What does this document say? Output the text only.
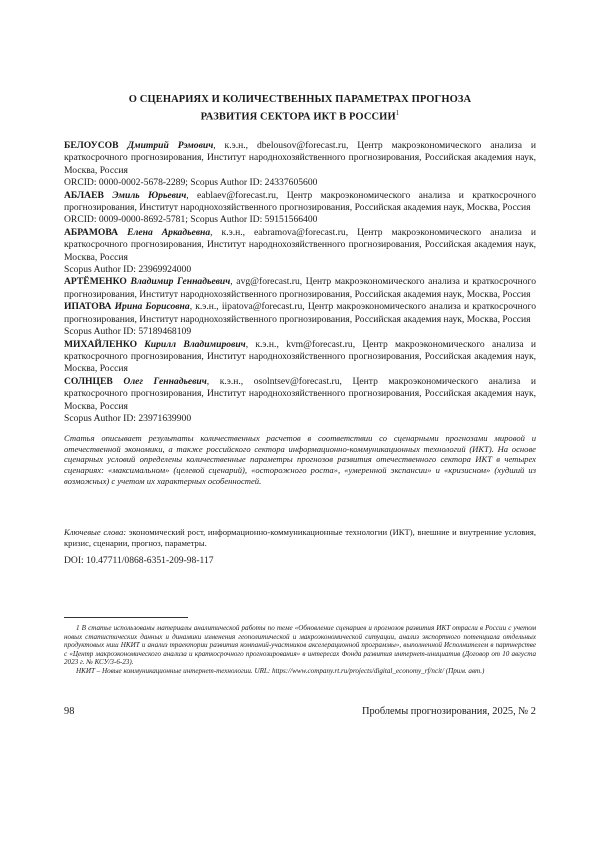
О СЦЕНАРИЯХ И КОЛИЧЕСТВЕННЫХ ПАРАМЕТРАХ ПРОГНОЗА
РАЗВИТИЯ СЕКТОРА ИКТ В РОССИИ$^1$
БЕЛОУСОВ Дмитрий Рэмович, к.э.н., dbelousov@forecast.ru, Центр макроэкономического анализа и краткосрочного прогнозирования, Институт народнохозяйственного прогнозирования, Российская академия наук, Москва, Россия
ORCID: 0000-0002-5678-2289; Scopus Author ID: 24337605600
АБЛАЕВ Эмиль Юрьевич, eablaev@forecast.ru, Центр макроэкономического анализа и краткосрочного прогнозирования, Институт народнохозяйственного прогнозирования, Российская академия наук, Москва, Россия
ORCID: 0009-0000-8692-5781; Scopus Author ID: 59151566400
АБРАМОВА Елена Аркадьевна, к.э.н., eabramova@forecast.ru, Центр макроэкономического анализа и краткосрочного прогнозирования, Институт народнохозяйственного прогнозирования, Российская академия наук, Москва, Россия
Scopus Author ID: 23969924000
АРТЁМЕНКО Владимир Геннадьевич, avg@forecast.ru, Центр макроэкономического анализа и краткосрочного прогнозирования, Институт народнохозяйственного прогнозирования, Российская академия наук, Москва, Россия
ИПАТОВА Ирина Борисовна, к.э.н., iipatova@forecast.ru, Центр макроэкономического анализа и краткосрочного прогнозирования, Институт народнохозяйственного прогнозирования, Российская академия наук, Москва, Россия
Scopus Author ID: 57189468109
МИХАЙЛЕНКО Кирилл Владимирович, к.э.н., kvm@forecast.ru, Центр макроэкономического анализа и краткосрочного прогнозирования, Институт народнохозяйственного прогнозирования, Российская академия наук, Москва, Россия
СОЛНЦЕВ Олег Геннадьевич, к.э.н., osolntsev@forecast.ru, Центр макроэкономического анализа и краткосрочного прогнозирования, Институт народнохозяйственного прогнозирования, Российская академия наук, Москва, Россия
Scopus Author ID: 23971639900
Статья описывает результаты количественных расчетов в соответствии со сценарными прогнозами мировой и отечественной экономики, а также российского сектора информационно-коммуникационных технологий (ИКТ). На основе сценарных условий определены количественные параметры прогнозов развития отечественного сектора ИКТ в четырех сценариях: «максимальном» (целевой сценарий), «осторожного роста», «умеренной экспансии» и «кризисном» (худший из возможных) с учетом их характерных особенностей.
Ключевые слова: экономический рост, информационно-коммуникационные технологии (ИКТ), внешние и внутренние условия, кризис, сценарии, прогноз, параметры.
DOI: 10.47711/0868-6351-209-98-117

1 В статье использованы материалы аналитической работы по теме «Обновление сценариев и прогнозов развития ИКТ отрасли в России с учетом новых статистических данных и динамики изменения геополитической и макроэкономической ситуации, анализ экспортного потенциала отдельных продуктовых ниш НКИТ и анализ траектории развития компаний-участников акселерационной программы», выполненной Исполнителем в партнерстве с «Центр макроэкономического анализа и краткосрочного прогнозирования» в интересах Фонда развития интернет-инициатив (Договор от 10 августа 2023 г. № КСУ/3-6-23).

НКИТ – Новые коммуникационные интернет-технологии. URL: https://www.company.rt.ru/projects/digital_economy_rf/ncit/ (Прим. авт.)

98	Проблемы прогнозирования, 2025, № 2
